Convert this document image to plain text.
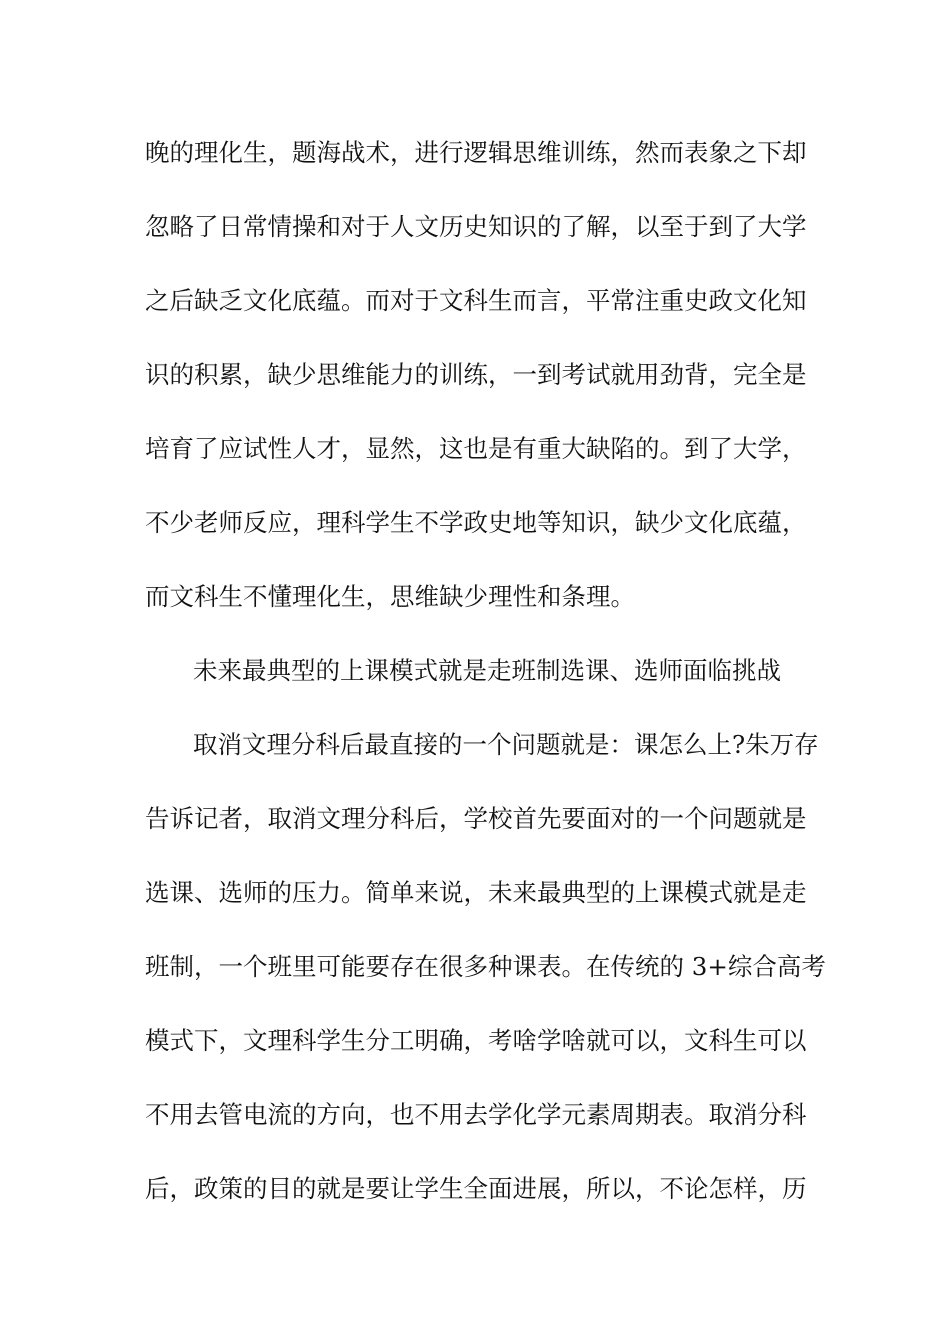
晚的理化生，题海战术，进行逻辑思维训练，然而表象之下却
忽略了日常情操和对于人文历史知识的了解，以至于到了大学
之后缺乏文化底蕴。而对于文科生而言，平常注重史政文化知
识的积累，缺少思维能力的训练，一到考试就用劲背，完全是
培育了应试性人才，显然，这也是有重大缺陷的。到了大学，
不少老师反应，理科学生不学政史地等知识，缺少文化底蕴，
而文科生不懂理化生，思维缺少理性和条理。
未来最典型的上课模式就是走班制选课、选师面临挑战
取消文理分科后最直接的一个问题就是：课怎么上?朱万存
告诉记者，取消文理分科后，学校首先要面对的一个问题就是
选课、选师的压力。简单来说，未来最典型的上课模式就是走
班制，一个班里可能要存在很多种课表。在传统的 3+综合高考
模式下，文理科学生分工明确，考啥学啥就可以，文科生可以
不用去管电流的方向，也不用去学化学元素周期表。取消分科
后，政策的目的就是要让学生全面进展，所以，不论怎样，历
